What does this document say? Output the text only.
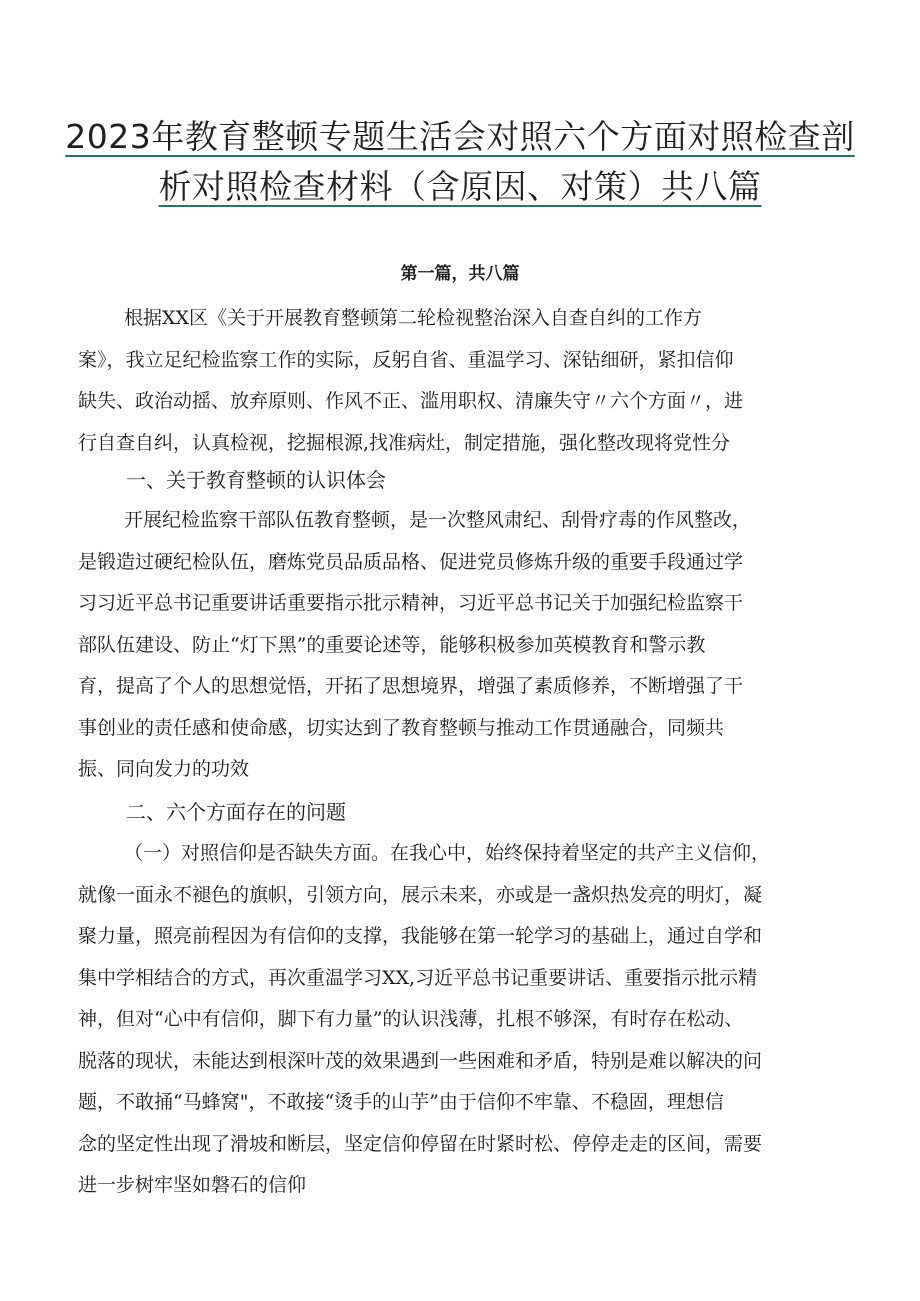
2023年教育整顿专题生活会对照六个方面对照检查剖
析对照检查材料（含原因、对策）共八篇
第一篇，共八篇

根据XX区《关于开展教育整顿第二轮检视整治深入自查自纠的工作方
案》，我立足纪检监察工作的实际，反躬自省、重温学习、深钻细研，紧扣信仰
缺失、政治动摇、放弃原则、作风不正、滥用职权、清廉失守〃六个方面〃，进
行自查自纠，认真检视，挖掘根源,找准病灶，制定措施，强化整改现将党性分

一、关于教育整顿的认识体会

开展纪检监察干部队伍教育整顿，是一次整风肃纪、刮骨疗毒的作风整改，
是锻造过硬纪检队伍，磨炼党员品质品格、促进党员修炼升级的重要手段通过学
习习近平总书记重要讲话重要指示批示精神，习近平总书记关于加强纪检监察干
部队伍建设、防止“灯下黑”的重要论述等，能够积极参加英模教育和警示教
育，提高了个人的思想觉悟，开拓了思想境界，增强了素质修养，不断增强了干
事创业的责任感和使命感，切实达到了教育整顿与推动工作贯通融合，同频共
振、同向发力的功效

二、六个方面存在的问题

（一）对照信仰是否缺失方面。在我心中，始终保持着坚定的共产主义信仰，
就像一面永不褪色的旗帜，引领方向，展示未来，亦或是一盏炽热发亮的明灯，凝
聚力量，照亮前程因为有信仰的支撑，我能够在第一轮学习的基础上，通过自学和
集中学相结合的方式，再次重温学习XX,习近平总书记重要讲话、重要指示批示精
神，但对“心中有信仰，脚下有力量”的认识浅薄，扎根不够深，有时存在松动、
脱落的现状，未能达到根深叶茂的效果遇到一些困难和矛盾，特别是难以解决的问
题，不敢捅“马蜂窝"，不敢接“烫手的山芋”由于信仰不牢靠、不稳固，理想信
念的坚定性出现了滑坡和断层，坚定信仰停留在时紧时松、停停走走的区间，需要
进一步树牢坚如磐石的信仰
